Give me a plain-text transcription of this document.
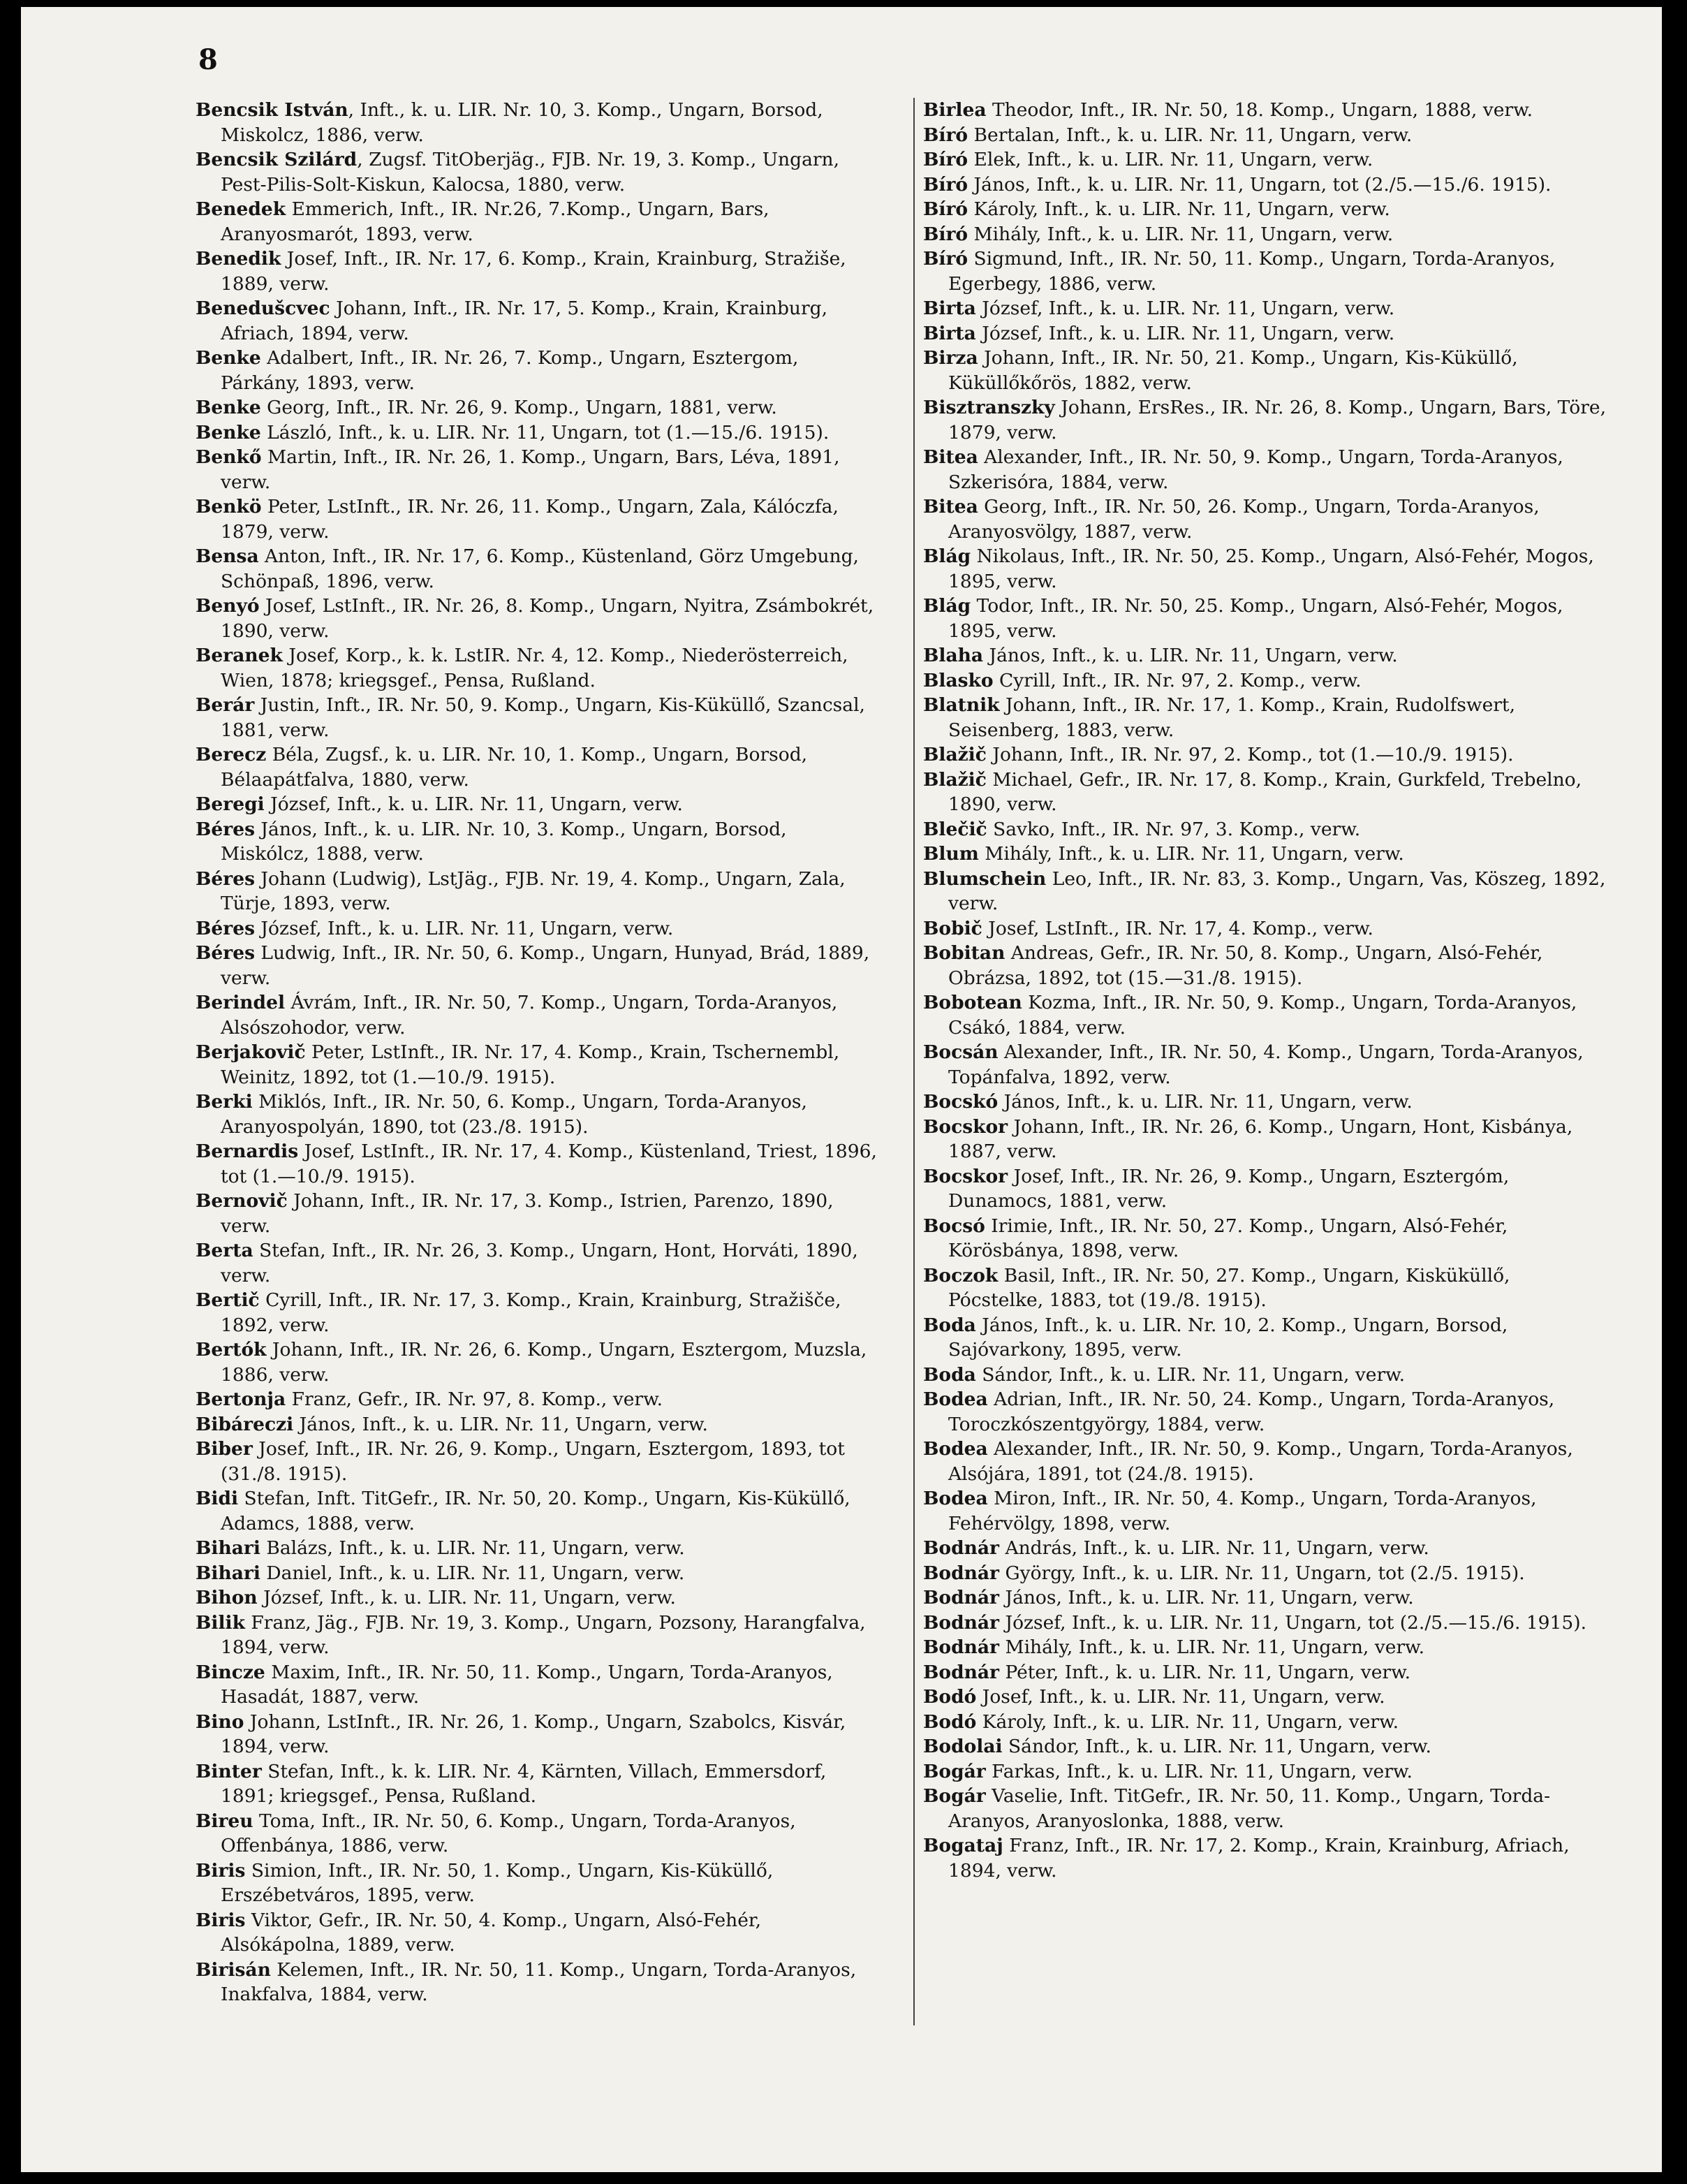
8

Bencsik István, Inft., k. u. LIR. Nr. 10, 3. Komp., Ungarn, Borsod, Miskolcz, 1886, verw.

Bencsik Szilárd, Zugsf. TitOberjäg., FJB. Nr. 19, 3. Komp., Ungarn, Pest-Pilis-Solt-Kiskun, Kalocsa, 1880, verw.

Benedek Emmerich, Inft., IR. Nr.26, 7.Komp., Ungarn, Bars, Aranyosmarót, 1893, verw.

Benedik Josef, Inft., IR. Nr. 17, 6. Komp., Krain, Krainburg, Stražiše, 1889, verw.

Benedušcvec Johann, Inft., IR. Nr. 17, 5. Komp., Krain, Krainburg, Afriach, 1894, verw.

Benke Adalbert, Inft., IR. Nr. 26, 7. Komp., Ungarn, Esztergom, Párkány, 1893, verw.

Benke Georg, Inft., IR. Nr. 26, 9. Komp., Ungarn, 1881, verw.

Benke László, Inft., k. u. LIR. Nr. 11, Ungarn, tot (1.—15./6. 1915).

Benkő Martin, Inft., IR. Nr. 26, 1. Komp., Ungarn, Bars, Léva, 1891, verw.

Benkö Peter, LstInft., IR. Nr. 26, 11. Komp., Ungarn, Zala, Kálóczfa, 1879, verw.

Bensa Anton, Inft., IR. Nr. 17, 6. Komp., Küstenland, Görz Umgebung, Schönpaß, 1896, verw.

Benyó Josef, LstInft., IR. Nr. 26, 8. Komp., Ungarn, Nyitra, Zsámbokrét, 1890, verw.

Beranek Josef, Korp., k. k. LstIR. Nr. 4, 12. Komp., Niederösterreich, Wien, 1878; kriegsgef., Pensa, Rußland.

Berár Justin, Inft., IR. Nr. 50, 9. Komp., Ungarn, Kis-Küküllő, Szancsal, 1881, verw.

Berecz Béla, Zugsf., k. u. LIR. Nr. 10, 1. Komp., Ungarn, Borsod, Bélaapátfalva, 1880, verw.

Beregi József, Inft., k. u. LIR. Nr. 11, Ungarn, verw.

Béres János, Inft., k. u. LIR. Nr. 10, 3. Komp., Ungarn, Borsod, Miskólcz, 1888, verw.

Béres Johann (Ludwig), LstJäg., FJB. Nr. 19, 4. Komp., Ungarn, Zala, Türje, 1893, verw.

Béres József, Inft., k. u. LIR. Nr. 11, Ungarn, verw.

Béres Ludwig, Inft., IR. Nr. 50, 6. Komp., Ungarn, Hunyad, Brád, 1889, verw.

Berindel Ávrám, Inft., IR. Nr. 50, 7. Komp., Ungarn, Torda-Aranyos, Alsószohodor, verw.

Berjakovič Peter, LstInft., IR. Nr. 17, 4. Komp., Krain, Tschernembl, Weinitz, 1892, tot (1.—10./9. 1915).

Berki Miklós, Inft., IR. Nr. 50, 6. Komp., Ungarn, Torda-Aranyos, Aranyospolyán, 1890, tot (23./8. 1915).

Bernardis Josef, LstInft., IR. Nr. 17, 4. Komp., Küstenland, Triest, 1896, tot (1.—10./9. 1915).

Bernovič Johann, Inft., IR. Nr. 17, 3. Komp., Istrien, Parenzo, 1890, verw.

Berta Stefan, Inft., IR. Nr. 26, 3. Komp., Ungarn, Hont, Horváti, 1890, verw.

Bertič Cyrill, Inft., IR. Nr. 17, 3. Komp., Krain, Krainburg, Stražišče, 1892, verw.

Bertók Johann, Inft., IR. Nr. 26, 6. Komp., Ungarn, Esztergom, Muzsla, 1886, verw.

Bertonja Franz, Gefr., IR. Nr. 97, 8. Komp., verw.

Bibáreczi János, Inft., k. u. LIR. Nr. 11, Ungarn, verw.

Biber Josef, Inft., IR. Nr. 26, 9. Komp., Ungarn, Esztergom, 1893, tot (31./8. 1915).

Bidi Stefan, Inft. TitGefr., IR. Nr. 50, 20. Komp., Ungarn, Kis-Küküllő, Adamcs, 1888, verw.

Bihari Balázs, Inft., k. u. LIR. Nr. 11, Ungarn, verw.

Bihari Daniel, Inft., k. u. LIR. Nr. 11, Ungarn, verw.

Bihon József, Inft., k. u. LIR. Nr. 11, Ungarn, verw.

Bilik Franz, Jäg., FJB. Nr. 19, 3. Komp., Ungarn, Pozsony, Harangfalva, 1894, verw.

Bincze Maxim, Inft., IR. Nr. 50, 11. Komp., Ungarn, Torda-Aranyos, Hasadát, 1887, verw.

Bino Johann, LstInft., IR. Nr. 26, 1. Komp., Ungarn, Szabolcs, Kisvár, 1894, verw.

Binter Stefan, Inft., k. k. LIR. Nr. 4, Kärnten, Villach, Emmersdorf, 1891; kriegsgef., Pensa, Rußland.

Bireu Toma, Inft., IR. Nr. 50, 6. Komp., Ungarn, Torda-Aranyos, Offenbánya, 1886, verw.

Biris Simion, Inft., IR. Nr. 50, 1. Komp., Ungarn, Kis-Küküllő, Erszébetváros, 1895, verw.

Biris Viktor, Gefr., IR. Nr. 50, 4. Komp., Ungarn, Alsó-Fehér, Alsókápolna, 1889, verw.

Birisán Kelemen, Inft., IR. Nr. 50, 11. Komp., Ungarn, Torda-Aranyos, Inakfalva, 1884, verw.

Birlea Theodor, Inft., IR. Nr. 50, 18. Komp., Ungarn, 1888, verw.

Bíró Bertalan, Inft., k. u. LIR. Nr. 11, Ungarn, verw.

Bíró Elek, Inft., k. u. LIR. Nr. 11, Ungarn, verw.

Bíró János, Inft., k. u. LIR. Nr. 11, Ungarn, tot (2./5.—15./6. 1915).

Bíró Károly, Inft., k. u. LIR. Nr. 11, Ungarn, verw.

Bíró Mihály, Inft., k. u. LIR. Nr. 11, Ungarn, verw.

Bíró Sigmund, Inft., IR. Nr. 50, 11. Komp., Ungarn, Torda-Aranyos, Egerbegy, 1886, verw.

Birta József, Inft., k. u. LIR. Nr. 11, Ungarn, verw.

Birta József, Inft., k. u. LIR. Nr. 11, Ungarn, verw.

Birza Johann, Inft., IR. Nr. 50, 21. Komp., Ungarn, Kis-Küküllő, Küküllőkőrös, 1882, verw.

Bisztranszky Johann, ErsRes., IR. Nr. 26, 8. Komp., Ungarn, Bars, Töre, 1879, verw.

Bitea Alexander, Inft., IR. Nr. 50, 9. Komp., Ungarn, Torda-Aranyos, Szkerisóra, 1884, verw.

Bitea Georg, Inft., IR. Nr. 50, 26. Komp., Ungarn, Torda-Aranyos, Aranyosvölgy, 1887, verw.

Blág Nikolaus, Inft., IR. Nr. 50, 25. Komp., Ungarn, Alsó-Fehér, Mogos, 1895, verw.

Blág Todor, Inft., IR. Nr. 50, 25. Komp., Ungarn, Alsó-Fehér, Mogos, 1895, verw.

Blaha János, Inft., k. u. LIR. Nr. 11, Ungarn, verw.

Blasko Cyrill, Inft., IR. Nr. 97, 2. Komp., verw.

Blatnik Johann, Inft., IR. Nr. 17, 1. Komp., Krain, Rudolfswert, Seisenberg, 1883, verw.

Blažič Johann, Inft., IR. Nr. 97, 2. Komp., tot (1.—10./9. 1915).

Blažič Michael, Gefr., IR. Nr. 17, 8. Komp., Krain, Gurkfeld, Trebelno, 1890, verw.

Blečič Savko, Inft., IR. Nr. 97, 3. Komp., verw.

Blum Mihály, Inft., k. u. LIR. Nr. 11, Ungarn, verw.

Blumschein Leo, Inft., IR. Nr. 83, 3. Komp., Ungarn, Vas, Köszeg, 1892, verw.

Bobič Josef, LstInft., IR. Nr. 17, 4. Komp., verw.

Bobitan Andreas, Gefr., IR. Nr. 50, 8. Komp., Ungarn, Alsó-Fehér, Obrázsa, 1892, tot (15.—31./8. 1915).

Bobotean Kozma, Inft., IR. Nr. 50, 9. Komp., Ungarn, Torda-Aranyos, Csákó, 1884, verw.

Bocsán Alexander, Inft., IR. Nr. 50, 4. Komp., Ungarn, Torda-Aranyos, Topánfalva, 1892, verw.

Bocskó János, Inft., k. u. LIR. Nr. 11, Ungarn, verw.

Bocskor Johann, Inft., IR. Nr. 26, 6. Komp., Ungarn, Hont, Kisbánya, 1887, verw.

Bocskor Josef, Inft., IR. Nr. 26, 9. Komp., Ungarn, Esztergóm, Dunamocs, 1881, verw.

Bocsó Irimie, Inft., IR. Nr. 50, 27. Komp., Ungarn, Alsó-Fehér, Körösbánya, 1898, verw.

Boczok Basil, Inft., IR. Nr. 50, 27. Komp., Ungarn, Kisküküllő, Pócstelke, 1883, tot (19./8. 1915).

Boda János, Inft., k. u. LIR. Nr. 10, 2. Komp., Ungarn, Borsod, Sajóvarkony, 1895, verw.

Boda Sándor, Inft., k. u. LIR. Nr. 11, Ungarn, verw.

Bodea Adrian, Inft., IR. Nr. 50, 24. Komp., Ungarn, Torda-Aranyos, Toroczkószentgyörgy, 1884, verw.

Bodea Alexander, Inft., IR. Nr. 50, 9. Komp., Ungarn, Torda-Aranyos, Alsójára, 1891, tot (24./8. 1915).

Bodea Miron, Inft., IR. Nr. 50, 4. Komp., Ungarn, Torda-Aranyos, Fehérvölgy, 1898, verw.

Bodnár András, Inft., k. u. LIR. Nr. 11, Ungarn, verw.

Bodnár György, Inft., k. u. LIR. Nr. 11, Ungarn, tot (2./5. 1915).

Bodnár János, Inft., k. u. LIR. Nr. 11, Ungarn, verw.

Bodnár József, Inft., k. u. LIR. Nr. 11, Ungarn, tot (2./5.—15./6. 1915).

Bodnár Mihály, Inft., k. u. LIR. Nr. 11, Ungarn, verw.

Bodnár Péter, Inft., k. u. LIR. Nr. 11, Ungarn, verw.

Bodó Josef, Inft., k. u. LIR. Nr. 11, Ungarn, verw.

Bodó Károly, Inft., k. u. LIR. Nr. 11, Ungarn, verw.

Bodolai Sándor, Inft., k. u. LIR. Nr. 11, Ungarn, verw.

Bogár Farkas, Inft., k. u. LIR. Nr. 11, Ungarn, verw.

Bogár Vaselie, Inft. TitGefr., IR. Nr. 50, 11. Komp., Ungarn, Torda-Aranyos, Aranyoslonka, 1888, verw.

Bogataj Franz, Inft., IR. Nr. 17, 2. Komp., Krain, Krainburg, Afriach, 1894, verw.
